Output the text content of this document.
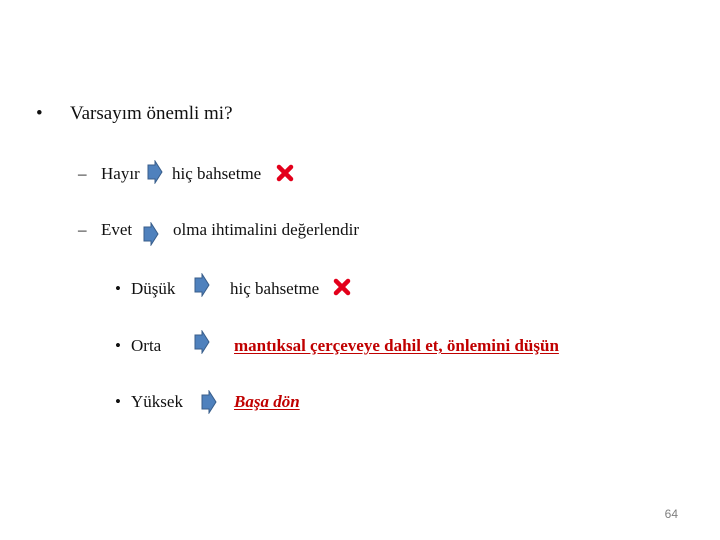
• Varsayım önemli mi?
– Hayır hiç bahsetme
– Evet olma ihtimalini değerlendir
• Düşük	hiç bahsetme
• Orta	mantıksal çerçeveye dahil et, önlemini düşün
• Yüksek	Başa dön
64
